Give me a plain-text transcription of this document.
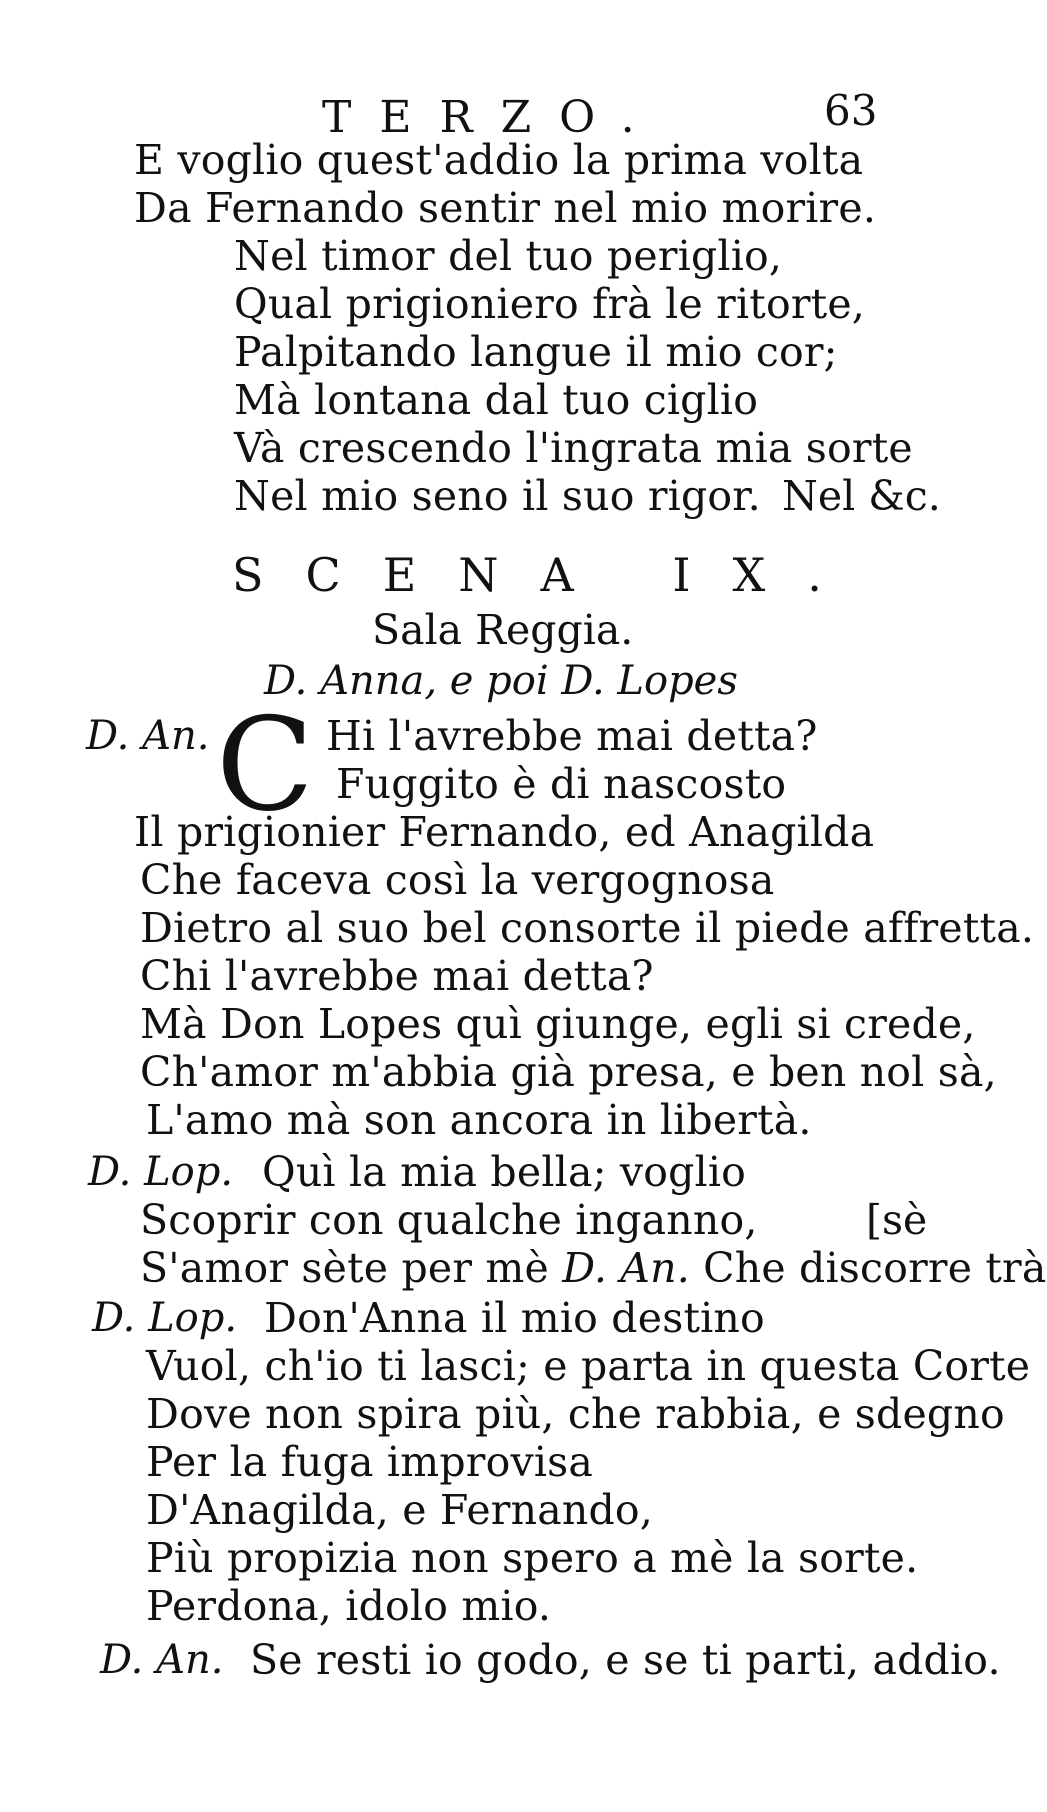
TERZO.	63
E voglio quest'addio la prima volta
Da Fernando sentir nel mio morire.
Nel timor del tuo periglio,
Qual prigioniero frà le ritorte,
Palpitando langue il mio cor;
Mà lontana dal tuo ciglio
Và crescendo l'ingrata mia sorte
Nel mio seno il suo rigor. Nel &c.
SCENA IX.
Sala Reggia.
D. Anna, e poi D. Lopes
D. An. C Hi l'avrebbe mai detta?
Fuggito è di nascosto
Il prigionier Fernando, ed Anagilda
Che faceva così la vergognosa
Dietro al suo bel consorte il piede affretta.
Chi l'avrebbe mai detta?
Mà Don Lopes quì giunge, egli si crede,
Ch'amor m'abbia già presa, e ben nol sà,
L'amo mà son ancora in libertà.
D. Lop. Quì la mia bella; voglio
Scoprir con qualche inganno,	[sè
S'amor sète per mè D. An. Che discorre trà
D. Lop. Don'Anna il mio destino
Vuol, ch'io ti lasci; e parta in questa Corte
Dove non spira più, che rabbia, e sdegno
Per la fuga improvisa
D'Anagilda, e Fernando,
Più propizia non spero a mè la sorte.
Perdona, idolo mio.
D. An. Se resti io godo, e se ti parti, addio.
